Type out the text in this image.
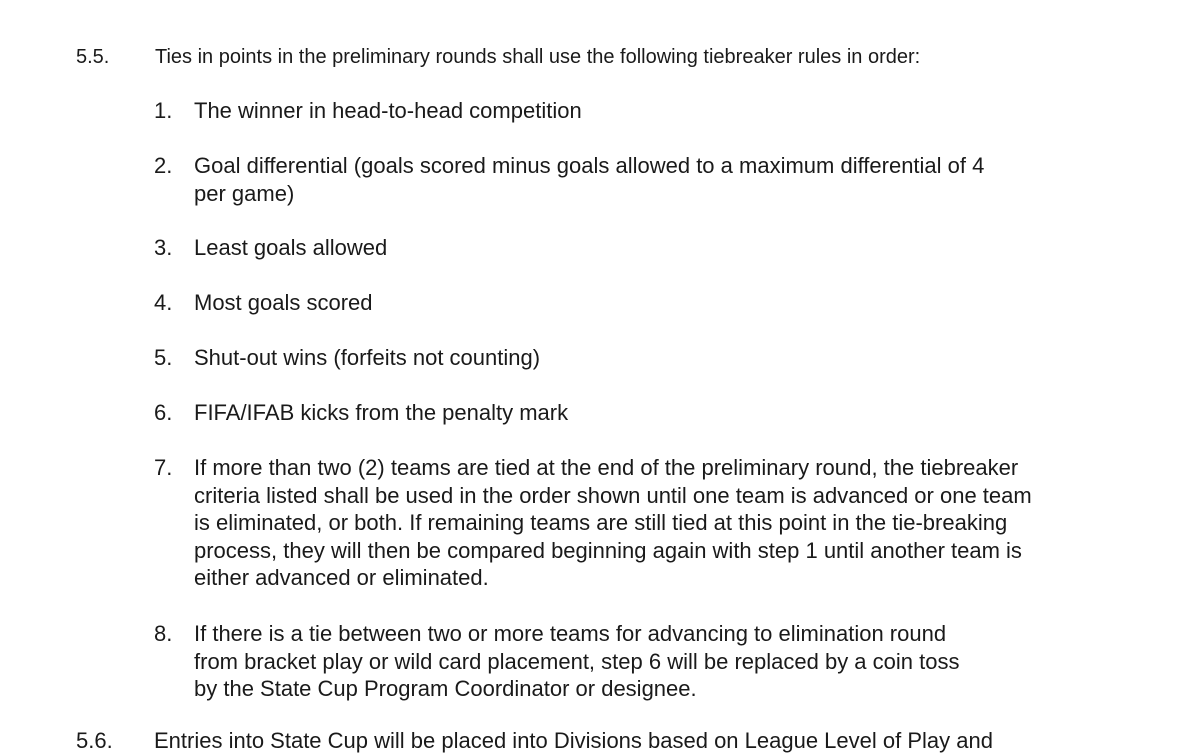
5.5.	Ties in points in the preliminary rounds shall use the following tiebreaker rules in order:
1. The winner in head-to-head competition
2. Goal differential (goals scored minus goals allowed to a maximum differential of 4
per game)
3. Least goals allowed
4. Most goals scored
5. Shut-out wins (forfeits not counting)
6. FIFA/IFAB kicks from the penalty mark
7. If more than two (2) teams are tied at the end of the preliminary round, the tiebreaker
criteria listed shall be used in the order shown until one team is advanced or one team
is eliminated, or both. If remaining teams are still tied at this point in the tie-breaking
process, they will then be compared beginning again with step 1 until another team is
either advanced or eliminated.
8. If there is a tie between two or more teams for advancing to elimination round
from bracket play or wild card placement, step 6 will be replaced by a coin toss
by the State Cup Program Coordinator or designee.
5.6. Entries into State Cup will be placed into Divisions based on League Level of Play and
